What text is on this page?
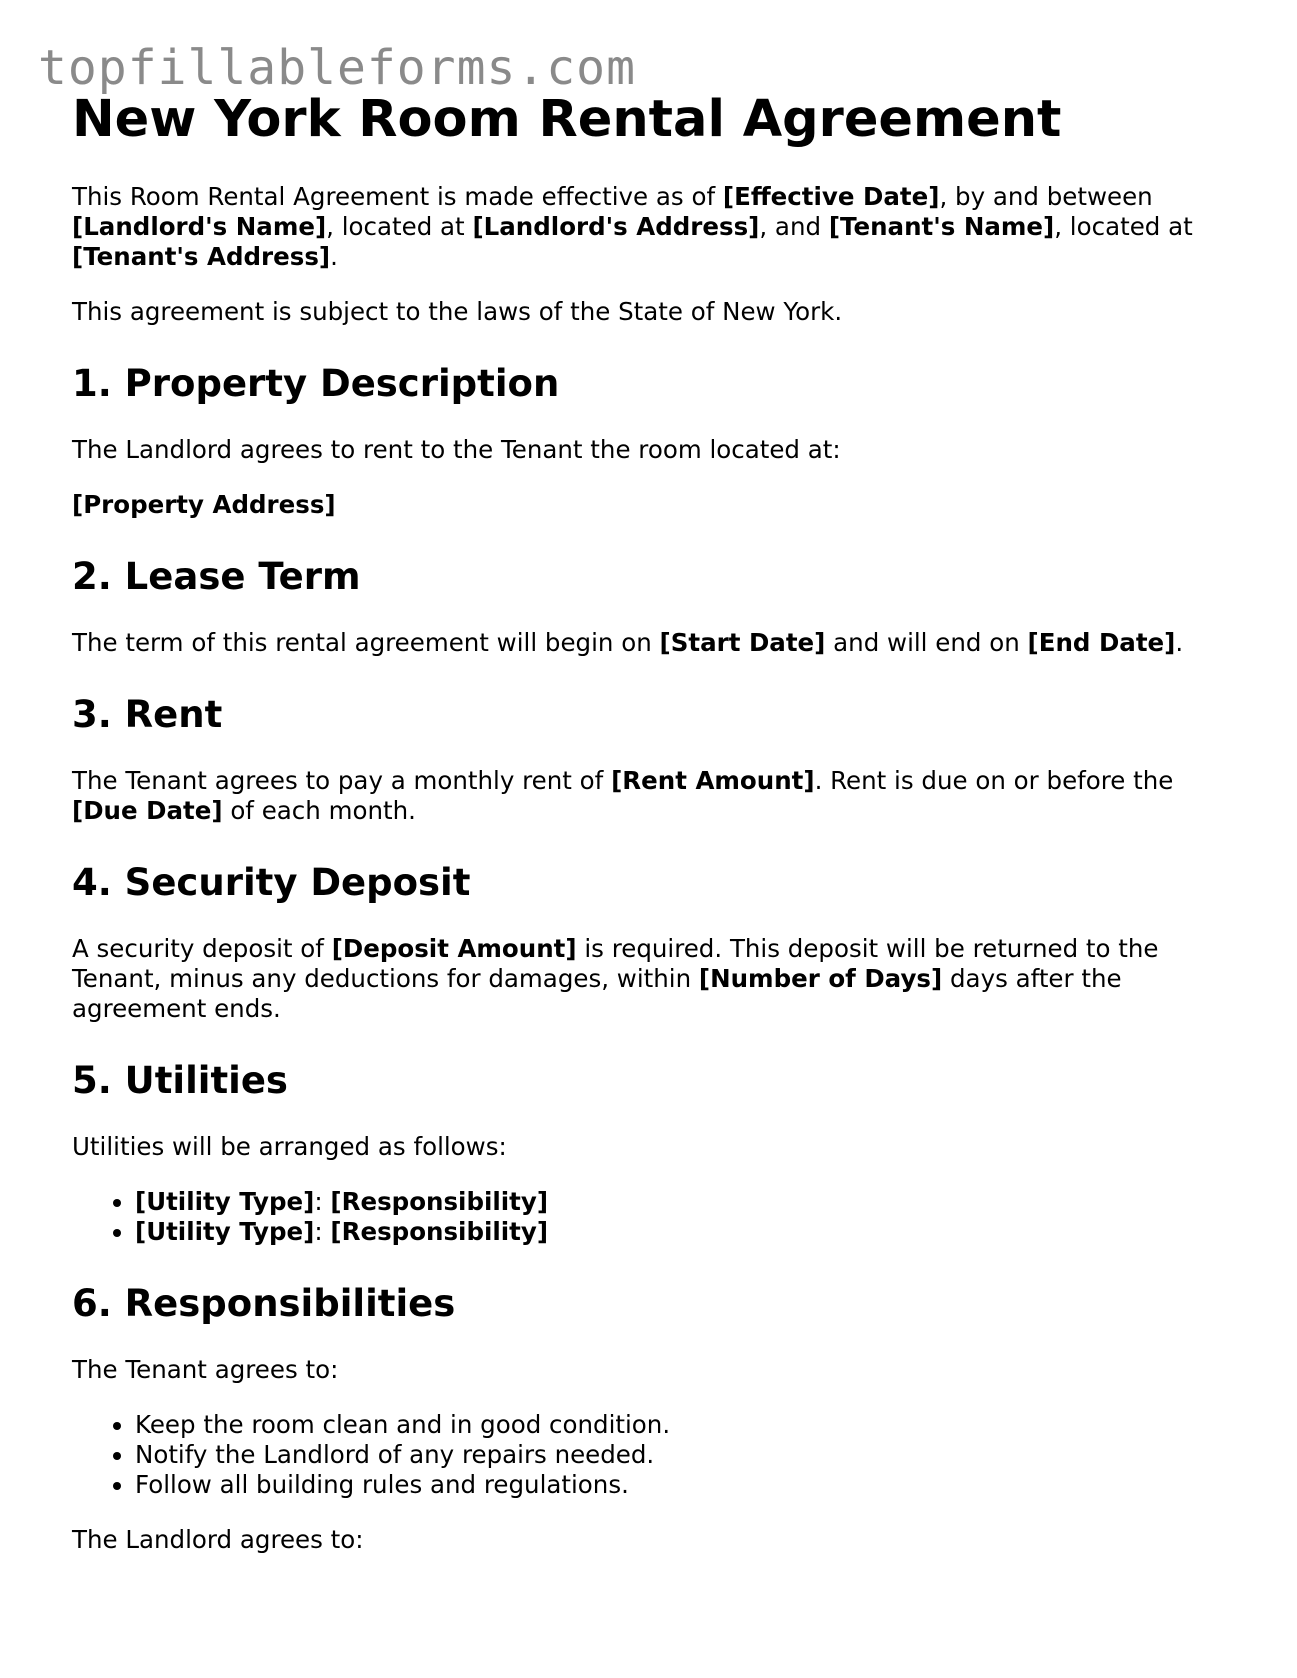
topfillableforms.com
New York Room Rental Agreement

This Room Rental Agreement is made effective as of [Effective Date], by and between [Landlord's Name], located at [Landlord's Address], and [Tenant's Name], located at [Tenant's Address].

This agreement is subject to the laws of the State of New York.

1. Property Description

The Landlord agrees to rent to the Tenant the room located at:

[Property Address]

2. Lease Term

The term of this rental agreement will begin on [Start Date] and will end on [End Date].

3. Rent

The Tenant agrees to pay a monthly rent of [Rent Amount]. Rent is due on or before the [Due Date] of each month.

4. Security Deposit

A security deposit of [Deposit Amount] is required. This deposit will be returned to the Tenant, minus any deductions for damages, within [Number of Days] days after the agreement ends.

5. Utilities

Utilities will be arranged as follows:

• [Utility Type]: [Responsibility]
• [Utility Type]: [Responsibility]
6. Responsibilities

The Tenant agrees to:

• Keep the room clean and in good condition.
• Notify the Landlord of any repairs needed.
• Follow all building rules and regulations.

The Landlord agrees to:
